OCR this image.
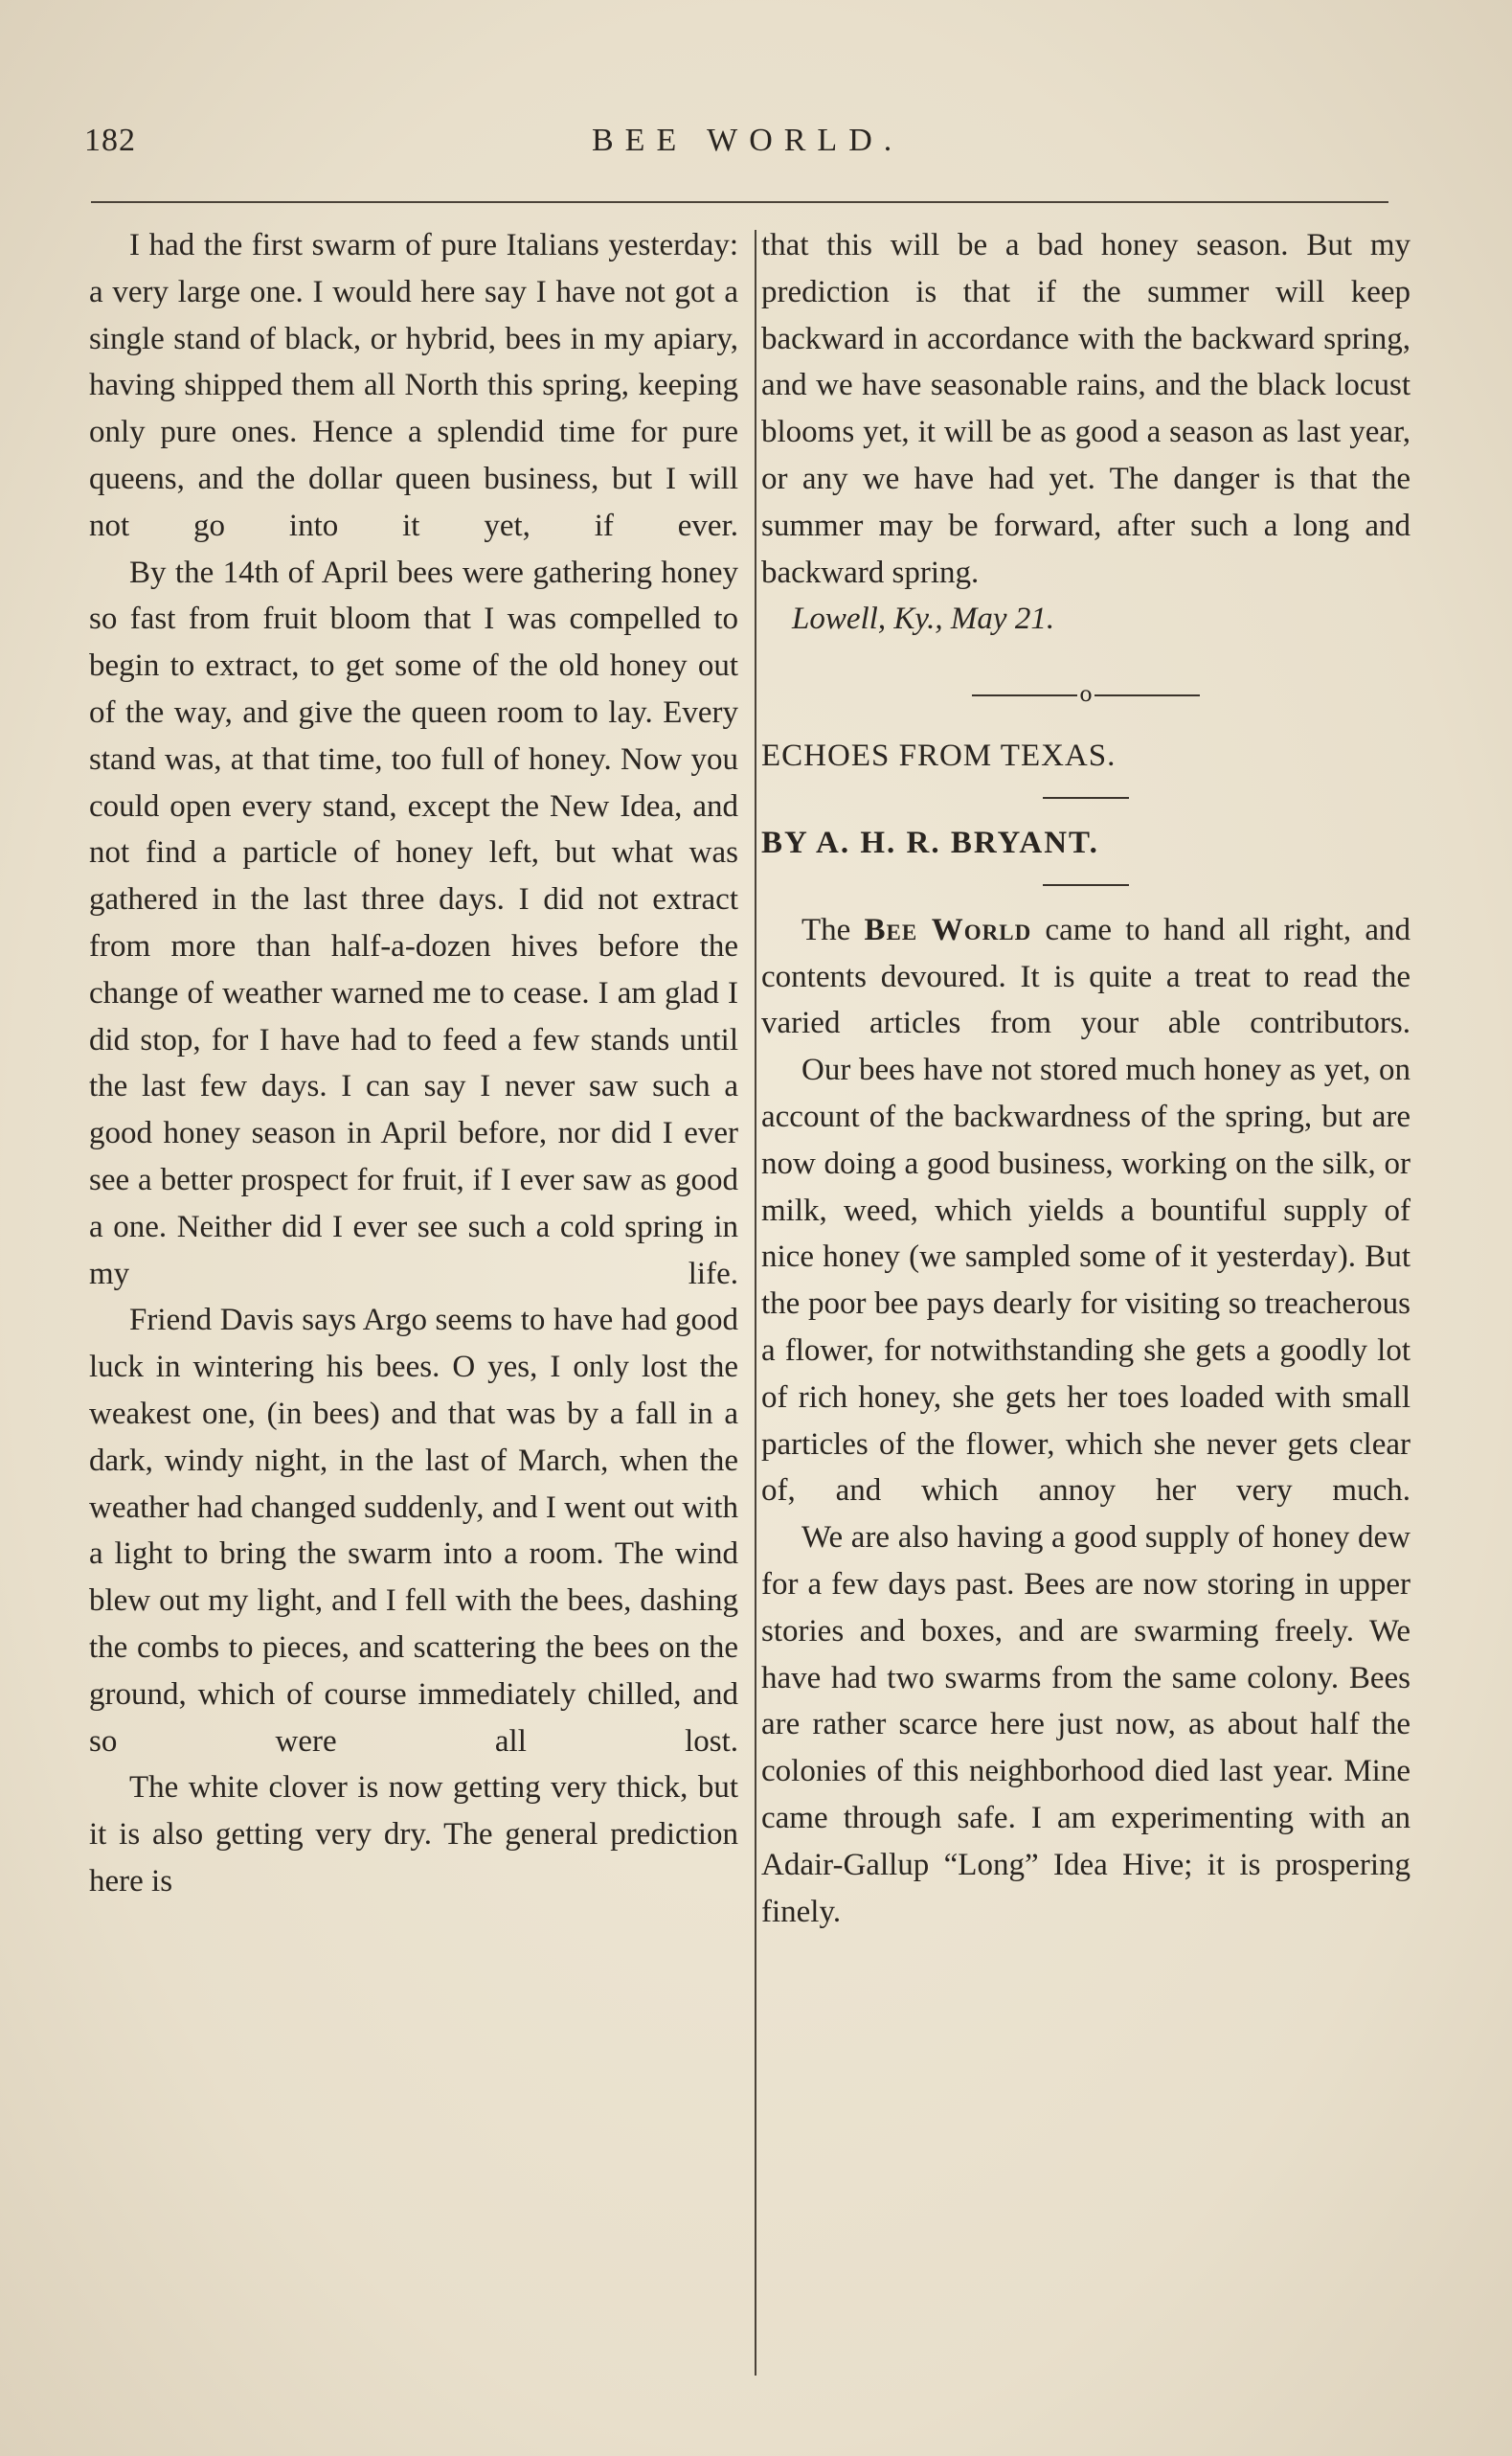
182	BEE WORLD.

I had the first swarm of pure Italians yesterday: a very large one. I would here say I have not got a single stand of black, or hybrid, bees in my apiary, having shipped them all North this spring, keeping only pure ones. Hence a splendid time for pure queens, and the dollar queen business, but I will not go into it yet, if ever.

By the 14th of April bees were gathering honey so fast from fruit bloom that I was compelled to begin to extract, to get some of the old honey out of the way, and give the queen room to lay. Every stand was, at that time, too full of honey. Now you could open every stand, except the New Idea, and not find a particle of honey left, but what was gathered in the last three days. I did not extract from more than half-a-dozen hives before the change of weather warned me to cease. I am glad I did stop, for I have had to feed a few stands until the last few days. I can say I never saw such a good honey season in April before, nor did I ever see a better prospect for fruit, if I ever saw as good a one. Neither did I ever see such a cold spring in my life.

Friend Davis says Argo seems to have had good luck in wintering his bees. O yes, I only lost the weakest one, (in bees) and that was by a fall in a dark, windy night, in the last of March, when the weather had changed suddenly, and I went out with a light to bring the swarm into a room. The wind blew out my light, and I fell with the bees, dashing the combs to pieces, and scattering the bees on the ground, which of course immediately chilled, and so were all lost.

The white clover is now getting very thick, but it is also getting very dry. The general prediction here is

that this will be a bad honey season. But my prediction is that if the summer will keep backward in accordance with the backward spring, and we have seasonable rains, and the black locust blooms yet, it will be as good a season as last year, or any we have had yet. The danger is that the summer may be forward, after such a long and backward spring.

Lowell, Ky., May 21.

o

ECHOES FROM TEXAS.

BY A. H. R. BRYANT.

The Bee World came to hand all right, and contents devoured. It is quite a treat to read the varied articles from your able contributors.

Our bees have not stored much honey as yet, on account of the backwardness of the spring, but are now doing a good business, working on the silk, or milk, weed, which yields a bountiful supply of nice honey (we sampled some of it yesterday). But the poor bee pays dearly for visiting so treacherous a flower, for notwithstanding she gets a goodly lot of rich honey, she gets her toes loaded with small particles of the flower, which she never gets clear of, and which annoy her very much.

We are also having a good supply of honey dew for a few days past. Bees are now storing in upper stories and boxes, and are swarming freely. We have had two swarms from the same colony. Bees are rather scarce here just now, as about half the colonies of this neighborhood died last year. Mine came through safe. I am experimenting with an Adair-Gallup “Long” Idea Hive; it is prospering finely.
